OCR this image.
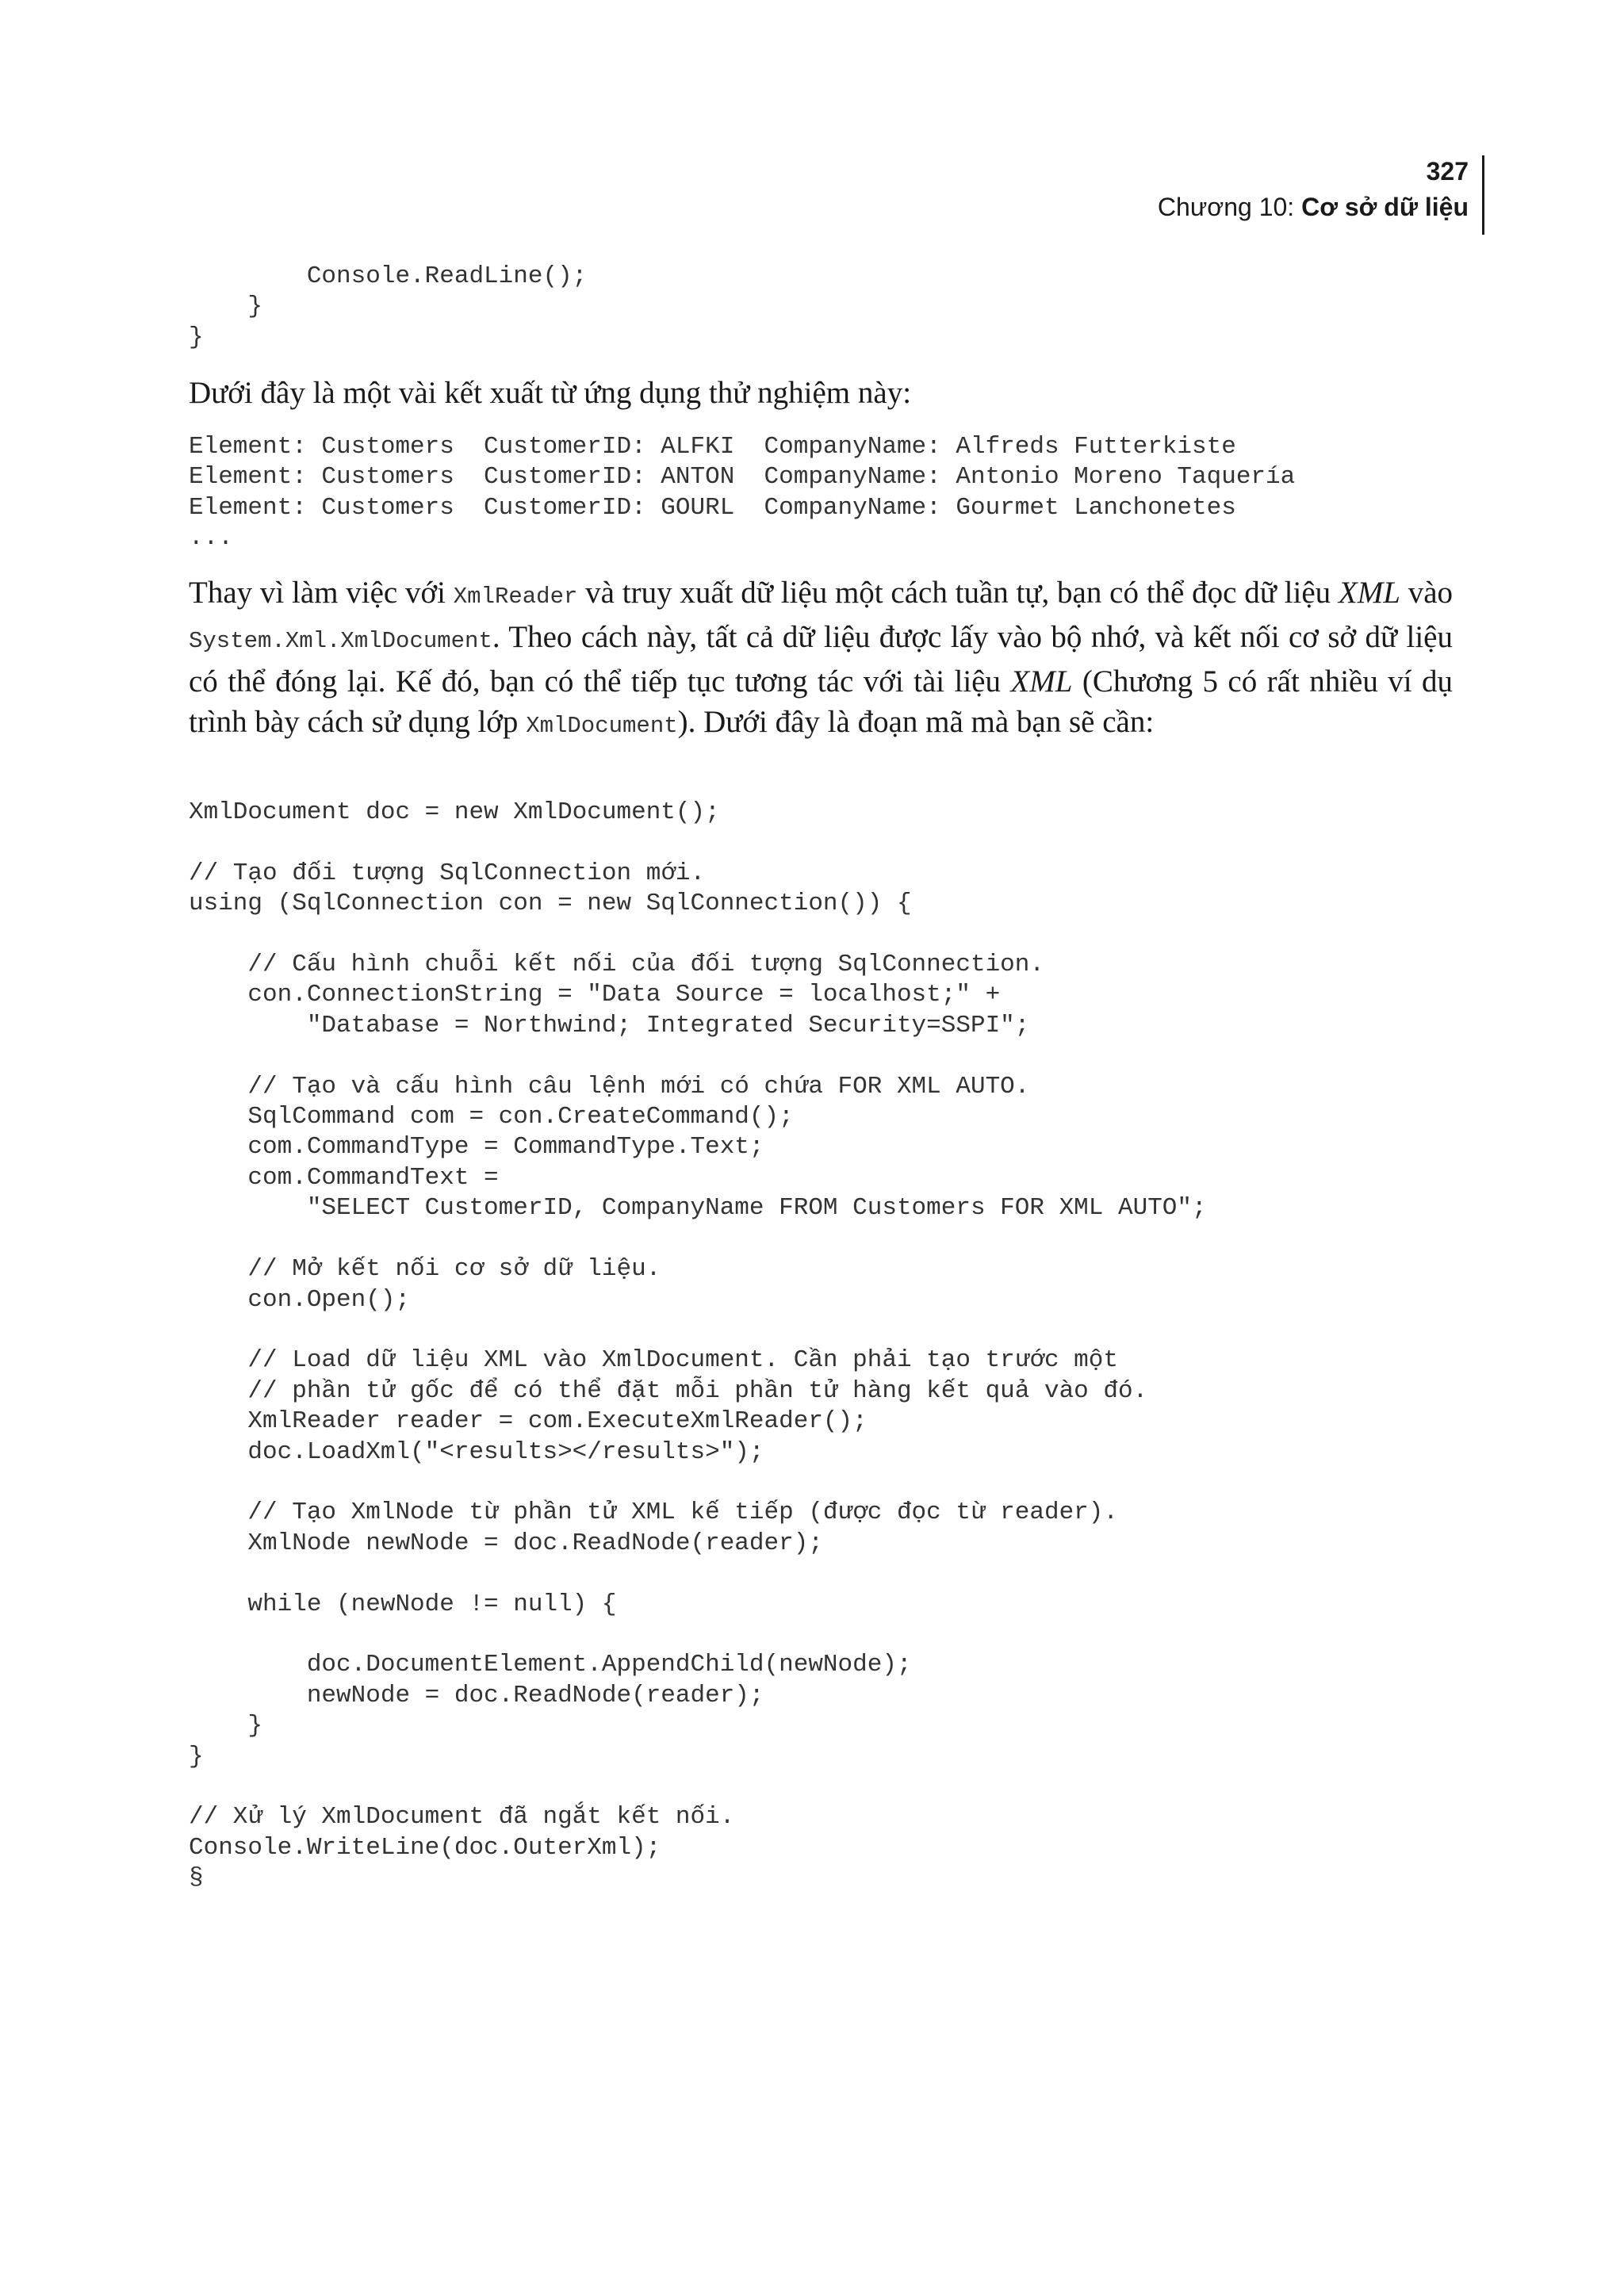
327
Chương 10: Cơ sở dữ liệu
Console.ReadLine();
}
}

Dưới đây là một vài kết xuất từ ứng dụng thử nghiệm này:

Element: Customers  CustomerID: ALFKI  CompanyName: Alfreds Futterkiste
Element: Customers  CustomerID: ANTON  CompanyName: Antonio Moreno Taquería
Element: Customers  CustomerID: GOURL  CompanyName: Gourmet Lanchonetes
...

Thay vì làm việc với XmlReader và truy xuất dữ liệu một cách tuần tự, bạn có thể đọc dữ liệu XML vào System.Xml.XmlDocument. Theo cách này, tất cả dữ liệu được lấy vào bộ nhớ, và kết nối cơ sở dữ liệu có thể đóng lại. Kế đó, bạn có thể tiếp tục tương tác với tài liệu XML (Chương 5 có rất nhiều ví dụ trình bày cách sử dụng lớp XmlDocument). Dưới đây là đoạn mã mà bạn sẽ cần:

XmlDocument doc = new XmlDocument();

// Tạo đối tượng SqlConnection mới.
using (SqlConnection con = new SqlConnection()) {

// Cấu hình chuỗi kết nối của đối tượng SqlConnection.
con.ConnectionString = "Data Source = localhost;" +
"Database = Northwind; Integrated Security=SSPI";

// Tạo và cấu hình câu lệnh mới có chứa FOR XML AUTO.
SqlCommand com = con.CreateCommand();
com.CommandType = CommandType.Text;
com.CommandText =
"SELECT CustomerID, CompanyName FROM Customers FOR XML AUTO";

// Mở kết nối cơ sở dữ liệu.
con.Open();

// Load dữ liệu XML vào XmlDocument. Cần phải tạo trước một
// phần tử gốc để có thể đặt mỗi phần tử hàng kết quả vào đó.
XmlReader reader = com.ExecuteXmlReader();
doc.LoadXml("<results></results>");

// Tạo XmlNode từ phần tử XML kế tiếp (được đọc từ reader).
XmlNode newNode = doc.ReadNode(reader);

while (newNode != null) {

doc.DocumentElement.AppendChild(newNode);
newNode = doc.ReadNode(reader);
}
}

// Xử lý XmlDocument đã ngắt kết nối.
Console.WriteLine(doc.OuterXml);
§
